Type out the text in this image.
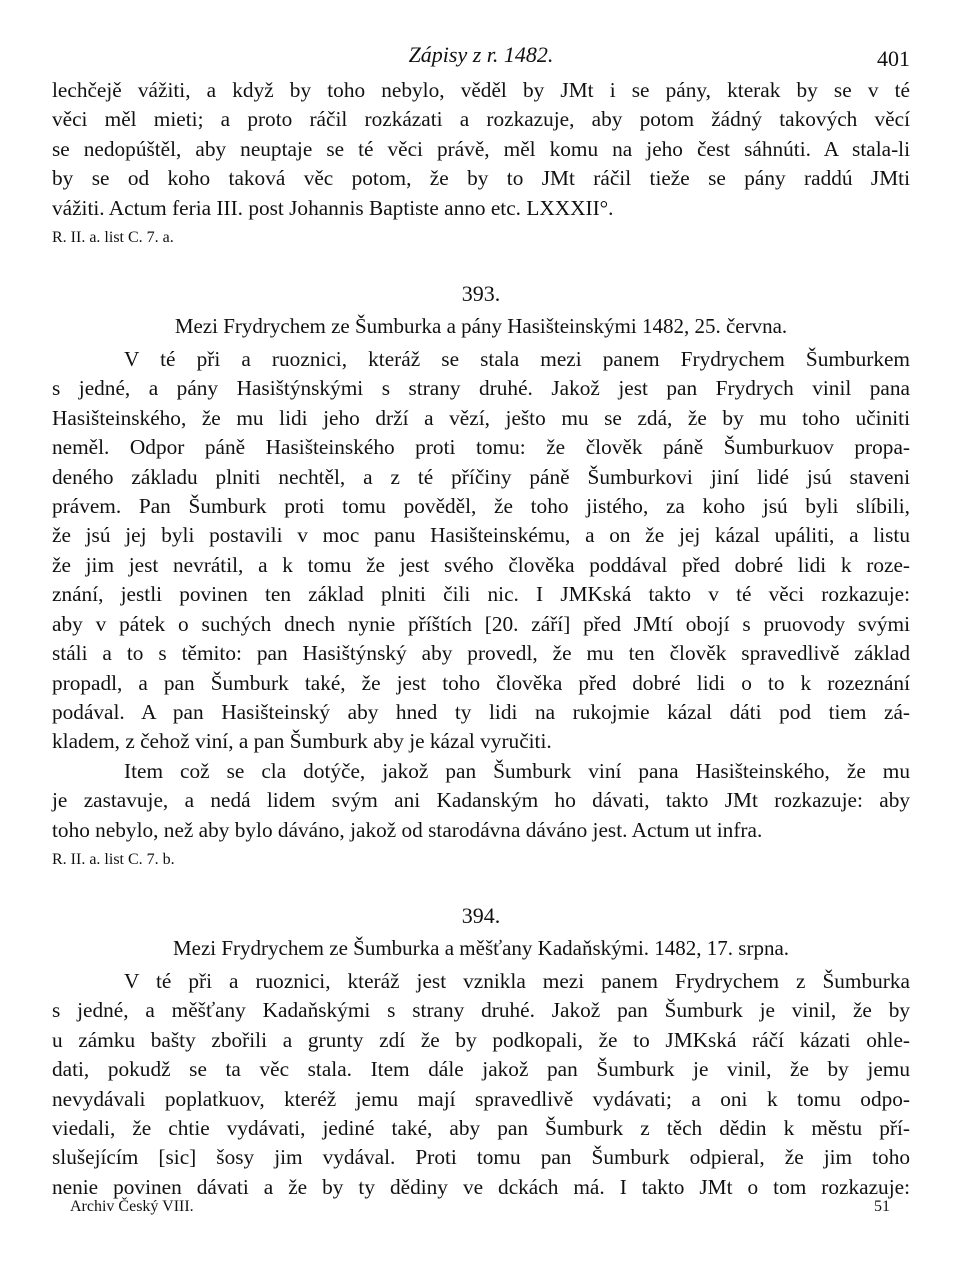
Zápisy z r. 1482.	401

lechčejě vážiti, a když by toho nebylo, věděl by JMt i se pány, kterak by se v té
věci měl mieti; a proto ráčil rozkázati a rozkazuje, aby potom žádný takových věcí
se nedopúštěl, aby neuptaje se té věci právě, měl komu na jeho čest sáhnúti. A stala-li
by se od koho taková věc potom, že by to JMt ráčil tieže se pány raddú JMti
vážiti. Actum feria III. post Johannis Baptiste anno etc. LXXXII°.

R. II. a. list C. 7. a.
393.
Mezi Frydrychem ze Šumburka a pány Hasišteinskými 1482, 25. června.

V té při a ruoznici, kteráž se stala mezi panem Frydrychem Šumburkem
s jedné, a pány Hasištýnskými s strany druhé. Jakož jest pan Frydrych vinil pana
Hasišteinského, že mu lidi jeho drží a vězí, ješto mu se zdá, že by mu toho učiniti
neměl. Odpor páně Hasišteinského proti tomu: že člověk páně Šumburkuov propa-
deného základu plniti nechtěl, a z té příčiny páně Šumburkovi jiní lidé jsú staveni
právem. Pan Šumburk proti tomu pověděl, že toho jistého, za koho jsú byli slíbili,
že jsú jej byli postavili v moc panu Hasišteinskému, a on že jej kázal upáliti, a listu
že jim jest nevrátil, a k tomu že jest svého člověka poddával před dobré lidi k roze-
znání, jestli povinen ten základ plniti čili nic. I JMKská takto v té věci rozkazuje:
aby v pátek o suchých dnech nynie příštích [20. září] před JMtí obojí s pruovody svými
stáli a to s těmito: pan Hasištýnský aby provedl, že mu ten člověk spravedlivě základ
propadl, a pan Šumburk také, že jest toho člověka před dobré lidi o to k rozeznání
podával. A pan Hasišteinský aby hned ty lidi na rukojmie kázal dáti pod tiem zá-
kladem, z čehož viní, a pan Šumburk aby je kázal vyručiti.

Item což se cla dotýče, jakož pan Šumburk viní pana Hasišteinského, že mu
je zastavuje, a nedá lidem svým ani Kadanským ho dávati, takto JMt rozkazuje: aby
toho nebylo, než aby bylo dáváno, jakož od starodávna dáváno jest. Actum ut infra.

R. II. a. list C. 7. b.
394.
Mezi Frydrychem ze Šumburka a měšťany Kadaňskými. 1482, 17. srpna.

V té při a ruoznici, kteráž jest vznikla mezi panem Frydrychem z Šumburka
s jedné, a měšťany Kadaňskými s strany druhé. Jakož pan Šumburk je vinil, že by
u zámku bašty zbořili a grunty zdí že by podkopali, že to JMKská ráčí kázati ohle-
dati, pokudž se ta věc stala. Item dále jakož pan Šumburk je vinil, že by jemu
nevydávali poplatkuov, kteréž jemu mají spravedlivě vydávati; a oni k tomu odpo-
viedali, že chtie vydávati, jediné také, aby pan Šumburk z těch dědin k městu pří-
slušejícím [sic] šosy jim vydával. Proti tomu pan Šumburk odpieral, že jim toho
nenie povinen dávati a že by ty dědiny ve dckách má. I takto JMt o tom rozkazuje:

Archiv Český VIII.	51
